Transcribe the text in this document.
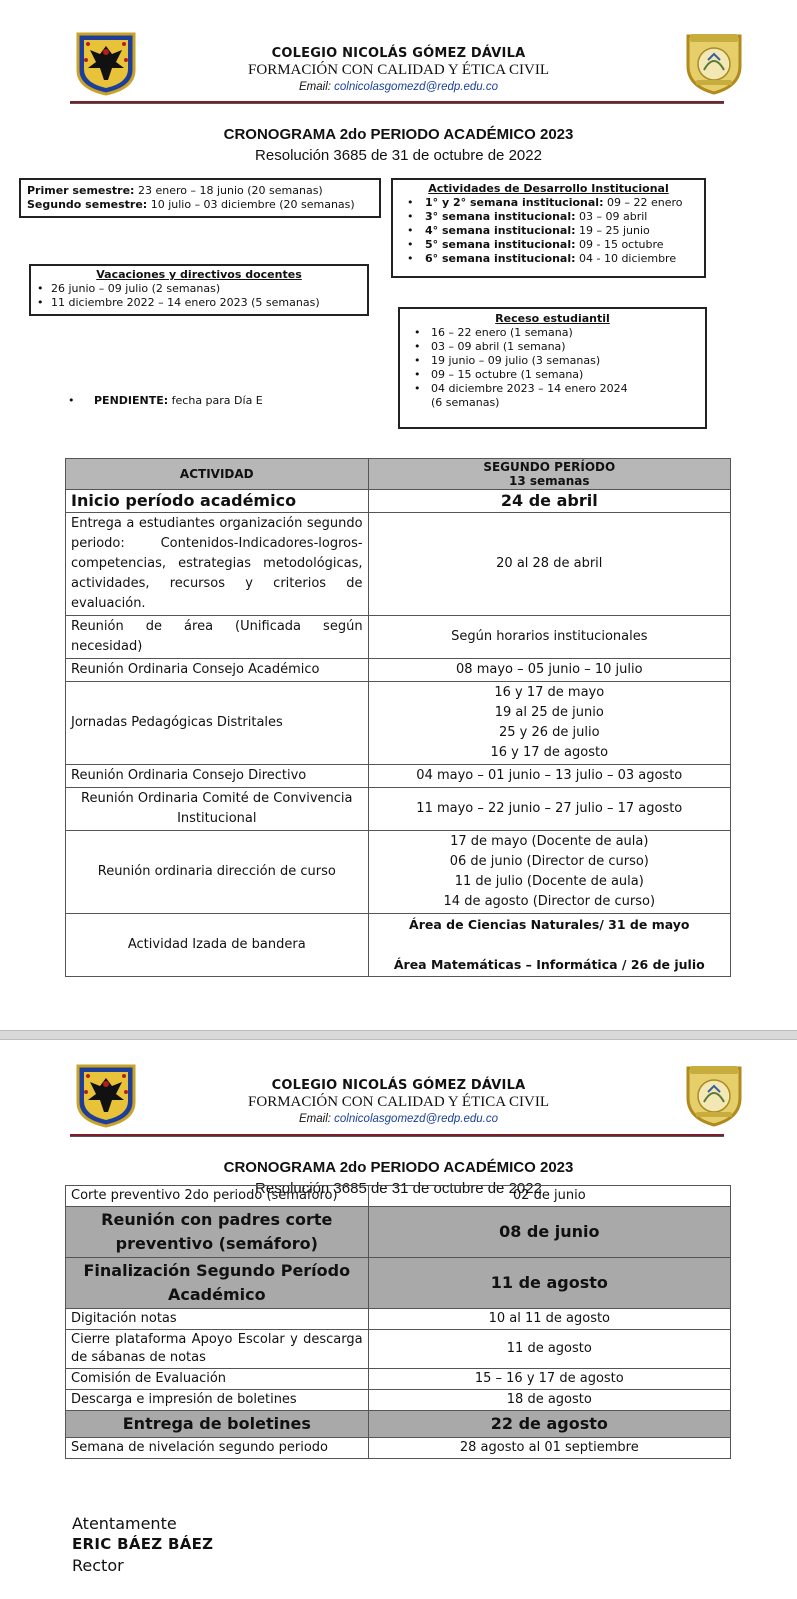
COLEGIO NICOLÁS GÓMEZ DÁVILA
FORMACIÓN CON CALIDAD Y ÉTICA CIVIL
Email: colnicolasgomezd@redp.edu.co
CRONOGRAMA 2do PERIODO ACADÉMICO 2023
Resolución 3685 de 31 de octubre de 2022
Primer semestre: 23 enero – 18 junio (20 semanas)
Segundo semestre: 10 julio – 03 diciembre (20 semanas)
Actividades de Desarrollo Institucional
• 1° y 2° semana institucional: 09 – 22 enero
• 3° semana institucional: 03 – 09 abril
• 4° semana institucional: 19 – 25 junio
• 5° semana institucional: 09 - 15 octubre
• 6° semana institucional: 04 - 10 diciembre
Vacaciones y directivos docentes
• 26 junio – 09 julio (2 semanas)
• 11 diciembre 2022 – 14 enero 2023 (5 semanas)
Receso estudiantil
• 16 – 22 enero (1 semana)
• 03 – 09 abril (1 semana)
• 19 junio – 09 julio (3 semanas)
• 09 – 15 octubre (1 semana)
• 04 diciembre 2023 – 14 enero 2024
(6 semanas)
• PENDIENTE: fecha para Día E
ACTIVIDAD	SEGUNDO PERÍODO
13 semanas

Inicio período académico	24 de abril
Entrega a estudiantes organización segundo periodo: Contenidos-Indicadores-logros-competencias, estrategias metodológicas, actividades, recursos y criterios de evaluación.	20 al 28 de abril
Reunión de área (Unificada según necesidad)	Según horarios institucionales
Reunión Ordinaria Consejo Académico	08 mayo – 05 junio – 10 julio
Jornadas Pedagógicas Distritales	16 y 17 de mayo
19 al 25 de junio
25 y 26 de julio
16 y 17 de agosto

Reunión Ordinaria Consejo Directivo	04 mayo – 01 junio – 13 julio – 03 agosto

Reunión Ordinaria Comité de Convivencia
Institucional	11 mayo – 22 junio – 27 julio – 17 agosto
Reunión ordinaria dirección de curso	17 de mayo (Docente de aula)
06 de junio (Director de curso)
11 de julio (Docente de aula)
14 de agosto (Director de curso)

Actividad Izada de bandera	Área de Ciencias Naturales/ 31 de mayo
Área Matemáticas – Informática / 26 de julio
COLEGIO NICOLÁS GÓMEZ DÁVILA
FORMACIÓN CON CALIDAD Y ÉTICA CIVIL
Email: colnicolasgomezd@redp.edu.co
CRONOGRAMA 2do PERIODO ACADÉMICO 2023
Resolución 3685 de 31 de octubre de 2022
Corte preventivo 2do periodo (semáforo)	02 de junio
Reunión con padres corte preventivo (semáforo)	08 de junio
Finalización Segundo Período Académico	11 de agosto
Digitación notas	10 al 11 de agosto
Cierre plataforma Apoyo Escolar y descarga de sábanas de notas	11 de agosto
Comisión de Evaluación	15 – 16 y 17 de agosto
Descarga e impresión de boletines	18 de agosto
Entrega de boletines	22 de agosto
Semana de nivelación segundo periodo	28 agosto al 01 septiembre
Atentamente
ERIC BÁEZ BÁEZ
Rector
